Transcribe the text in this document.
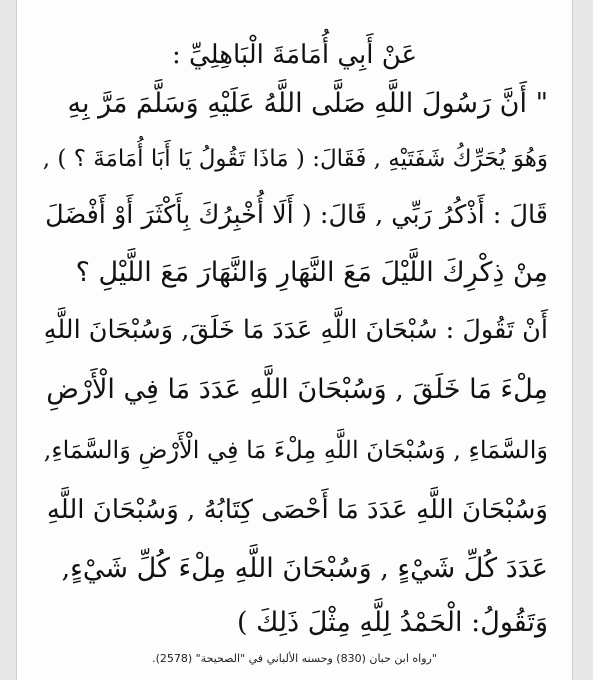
عَنْ أَبِي أُمَامَةَ الْبَاهِلِيِّ :
" أَنَّ رَسُولَ اللَّهِ صَلَّى اللَّهُ عَلَيْهِ وَسَلَّمَ مَرَّ بِهِ
وَهُوَ يُحَرِّكُ شَفَتَيْهِ , فَقَالَ: ( مَاذَا تَقُولُ يَا أَبَا أُمَامَةَ ؟ ) ,
قَالَ : أَذْكُرُ رَبِّي , قَالَ: ( أَلَا أُخْبِرُكَ بِأَكْثَرَ أَوْ أَفْضَلَ
مِنْ ذِكْرِكَ اللَّيْلَ مَعَ النَّهَارِ وَالنَّهَارَ مَعَ اللَّيْلِ ؟
أَنْ تَقُولَ : سُبْحَانَ اللَّهِ عَدَدَ مَا خَلَقَ, وَسُبْحَانَ اللَّهِ
مِلْءَ مَا خَلَقَ , وَسُبْحَانَ اللَّهِ عَدَدَ مَا فِي الْأَرْضِ
وَالسَّمَاءِ , وَسُبْحَانَ اللَّهِ مِلْءَ مَا فِي الْأَرْضِ وَالسَّمَاءِ,
وَسُبْحَانَ اللَّهِ عَدَدَ مَا أَحْصَى كِتَابُهُ , وَسُبْحَانَ اللَّهِ
عَدَدَ كُلِّ شَيْءٍ , وَسُبْحَانَ اللَّهِ مِلْءَ كُلِّ شَيْءٍ,
وَتَقُولُ: الْحَمْدُ لِلَّهِ مِثْلَ ذَلِكَ )
"رواه ابن حبان (830) وحسنه الألباني في "الصحيحة" (2578).
